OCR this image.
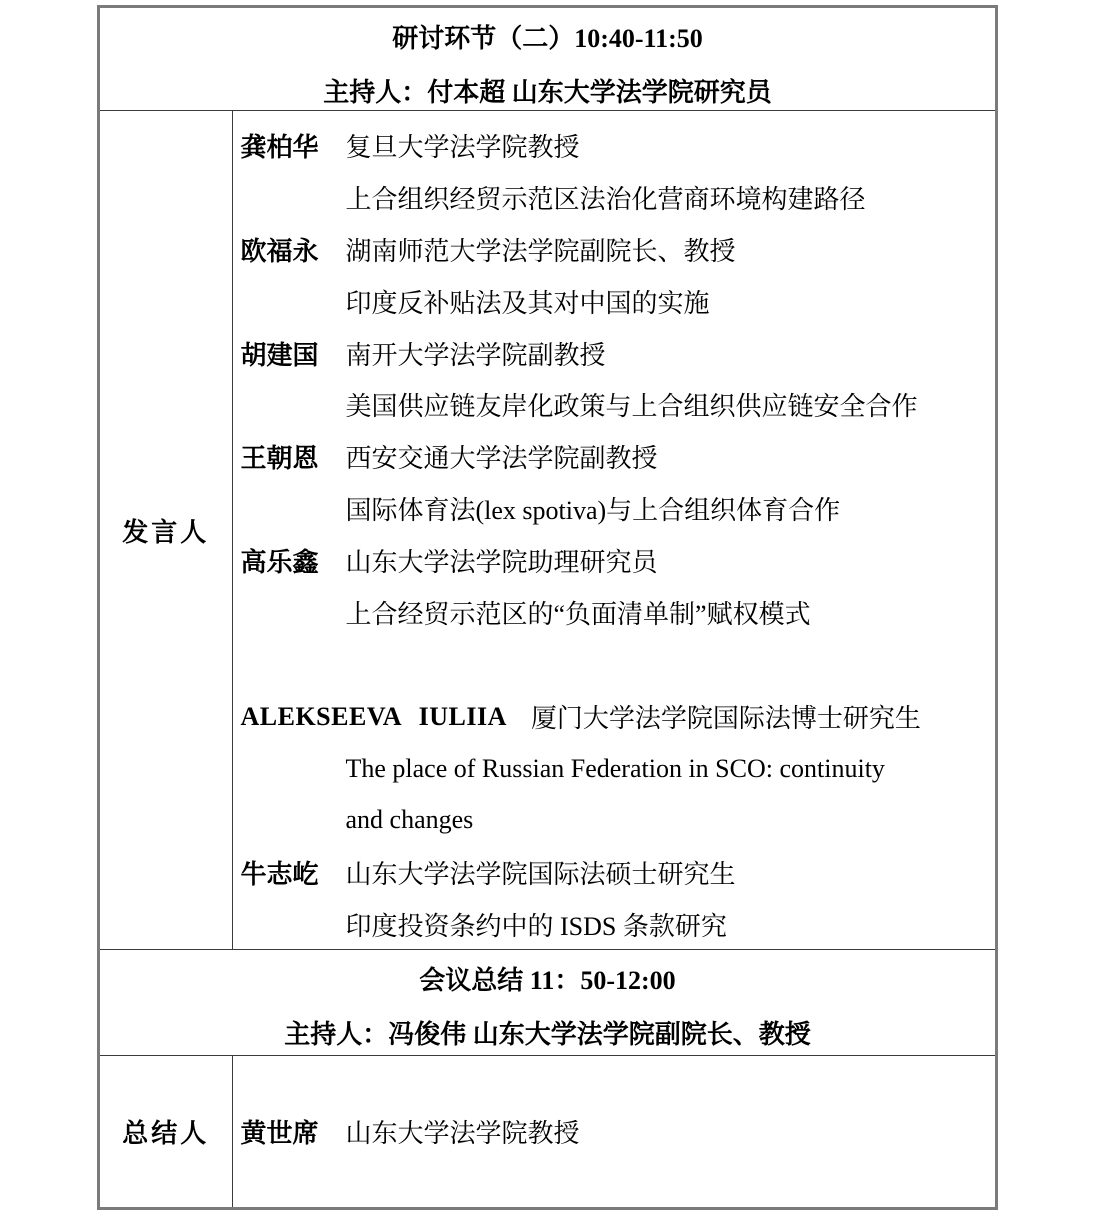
研讨环节（二）10:40-11:50
主持人：付本超 山东大学法学院研究员
发言人
龚柏华	复旦大学法学院教授
上合组织经贸示范区法治化营商环境构建路径
欧福永	湖南师范大学法学院副院长、教授
印度反补贴法及其对中国的实施
胡建国	南开大学法学院副教授
美国供应链友岸化政策与上合组织供应链安全合作
王朝恩	西安交通大学法学院副教授
国际体育法(lex spotiva)与上合组织体育合作
高乐鑫	山东大学法学院助理研究员
上合经贸示范区的“负面清单制”赋权模式
ALEKSEEVA IULIIA 厦门大学法学院国际法博士研究生
The place of Russian Federation in SCO: continuity
and changes
牛志屹	山东大学法学院国际法硕士研究生
印度投资条约中的 ISDS 条款研究
会议总结 11：50-12:00
主持人：冯俊伟 山东大学法学院副院长、教授
总结人 黄世席	山东大学法学院教授
